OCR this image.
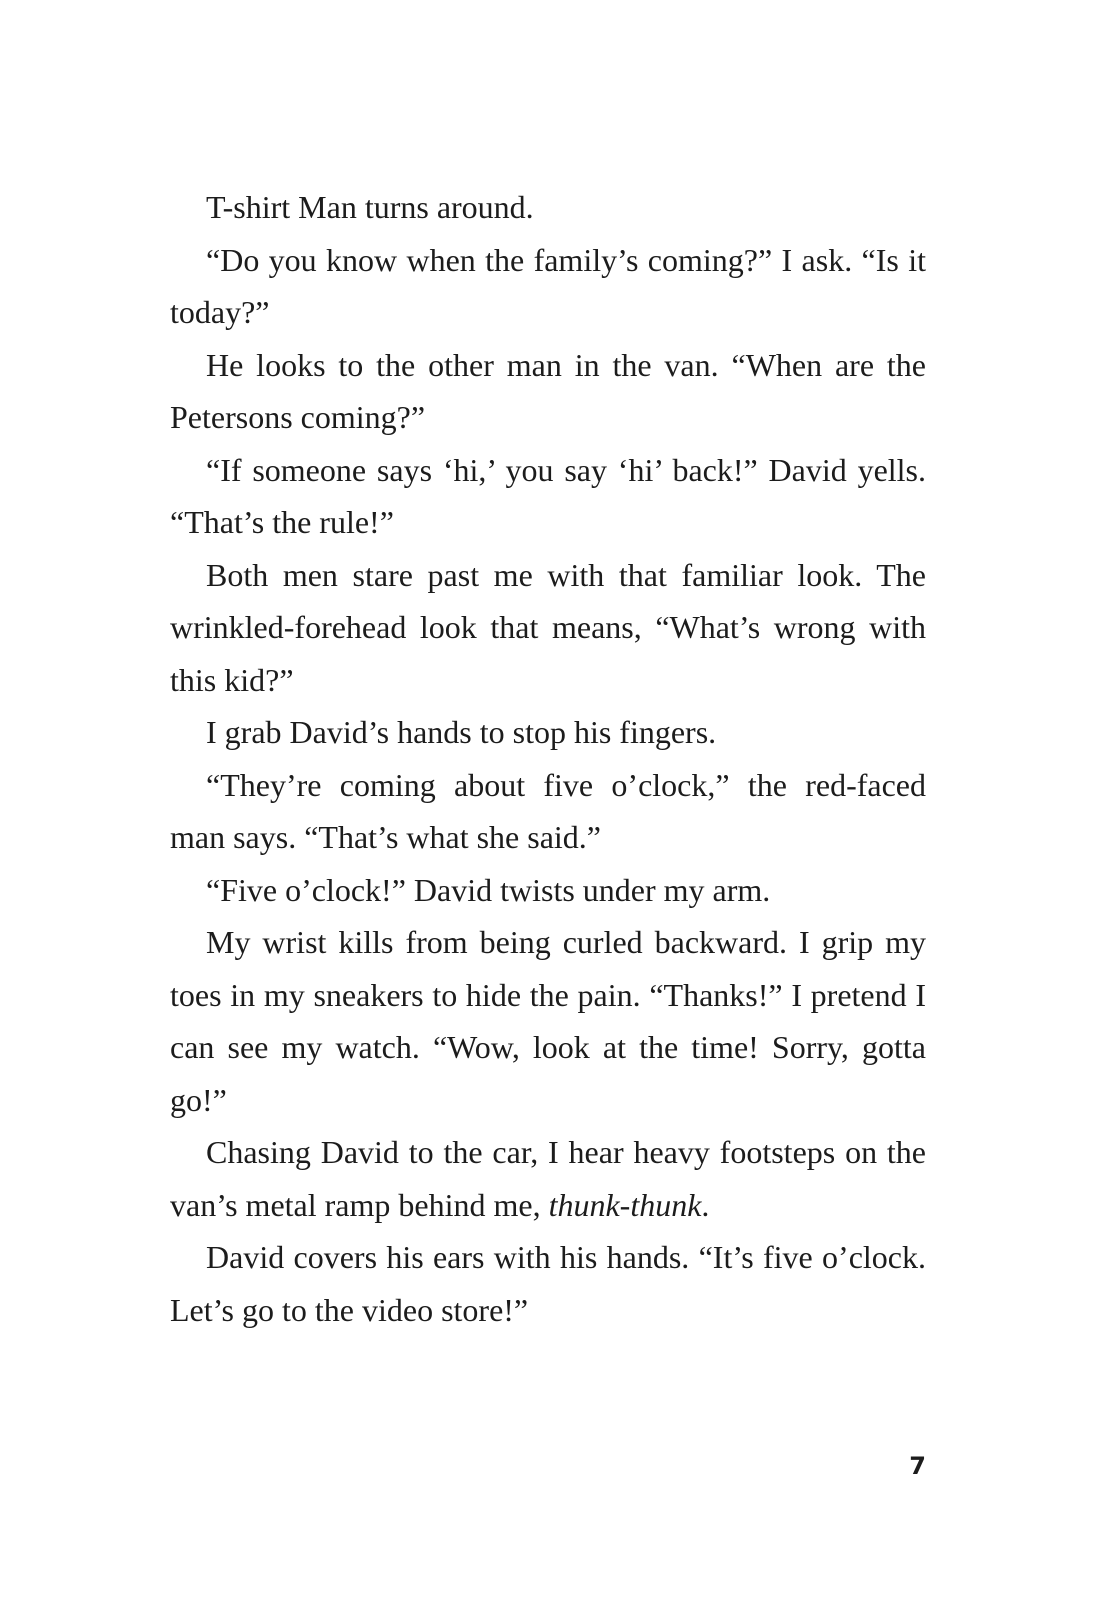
T-shirt Man turns around.

“Do you know when the family’s coming?” I ask. “Is it today?”

He looks to the other man in the van. “When are the Petersons coming?”

“If someone says ‘hi,’ you say ‘hi’ back!” David yells. “That’s the rule!”

Both men stare past me with that familiar look. The wrinkled-forehead look that means, “What’s wrong with this kid?”

I grab David’s hands to stop his fingers.

“They’re coming about five o’clock,” the red-faced man says. “That’s what she said.”

“Five o’clock!” David twists under my arm.

My wrist kills from being curled backward. I grip my toes in my sneakers to hide the pain. “Thanks!” I pretend I can see my watch. “Wow, look at the time! Sorry, gotta go!”

Chasing David to the car, I hear heavy footsteps on the van’s metal ramp behind me, thunk-thunk.

David covers his ears with his hands. “It’s five o’clock. Let’s go to the video store!”

7
